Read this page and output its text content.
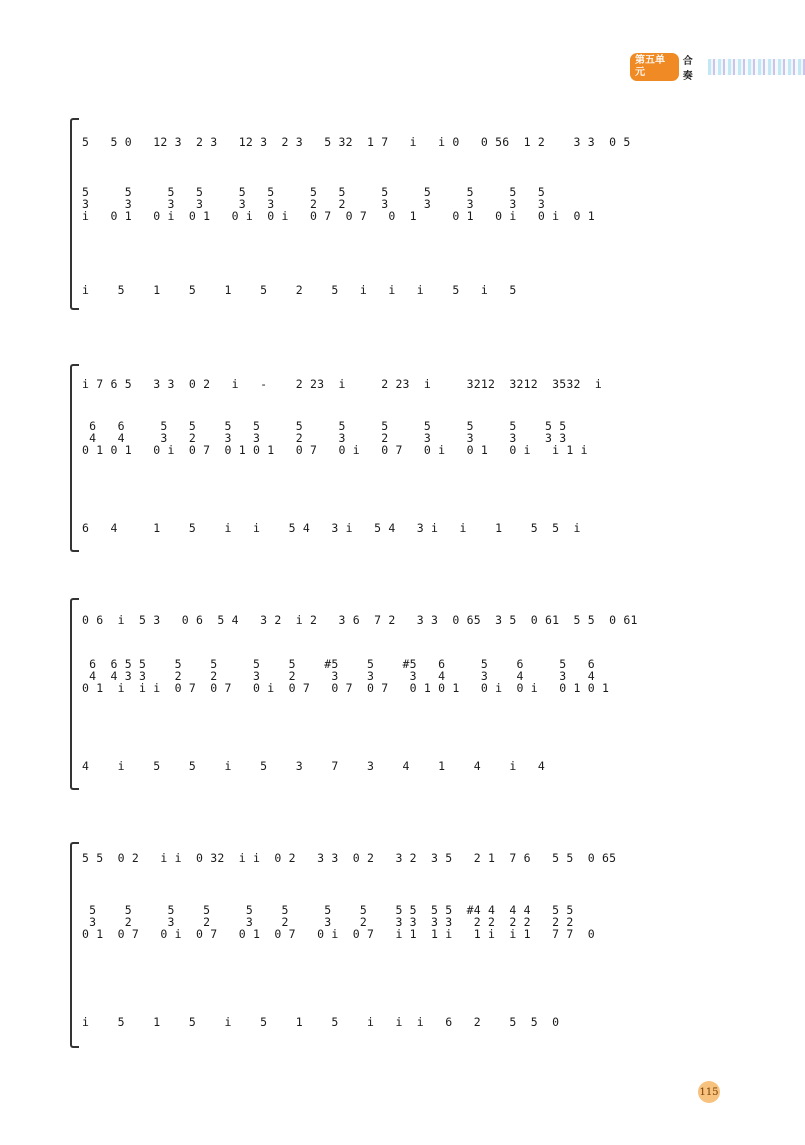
第五单元
合奏
5   5 0   12 3  2 3   12 3  2 3   5 32  1 7   i   i 0   0 56  1 2    3 3  0 5
5     5     5   5     5   5     5   5     5     5     5     5   5
3     3     3   3     3   3     2   2     3     3     3     3   3
i   0 1   0 i  0 1   0 i  0 i   0 7  0 7   0  1     0 1   0 i   0 i  0 1
i    5    1    5    1    5    2    5   i   i   i    5   i   5
i 7 6 5   3 3  0 2   i   -    2 23  i     2 23  i     3212  3212  3532  i
6   6     5   5    5   5     5     5     5     5     5     5    5 5
4   4     3   2    3   3     2     3     2     3     3     3    3 3
0 1 0 1   0 i  0 7  0 1 0 1   0 7   0 i   0 7   0 i   0 1   0 i   i 1 i
6   4     1    5    i   i    5 4   3 i   5 4   3 i   i    1    5  5  i
0 6  i  5 3   0 6  5 4   3 2  i 2   3 6  7 2   3 3  0 65  3 5  0 61  5 5  0 61
6  6 5 5    5    5     5    5    #5    5    #5   6     5    6     5   6
4  4 3 3    2    2     3    2     3    3     3   4     3    4     3   4
0 1  i  i i  0 7  0 7   0 i  0 7   0 7  0 7   0 1 0 1   0 i  0 i   0 1 0 1
4    i    5    5    i    5    3    7    3    4    1    4    i   4
5 5  0 2   i i  0 32  i i  0 2   3 3  0 2   3 2  3 5   2 1  7 6   5 5  0 65
5    5     5    5     5    5     5    5    5 5  5 5  #4 4  4 4   5 5
3    2     3    2     3    2     3    2    3 3  3 3   2 2  2 2   2 2
0 1  0 7   0 i  0 7   0 1  0 7   0 i  0 7   i 1  1 i   1 i  i 1   7 7  0
i    5    1    5    i    5    1    5    i   i  i   6   2    5  5  0
115
